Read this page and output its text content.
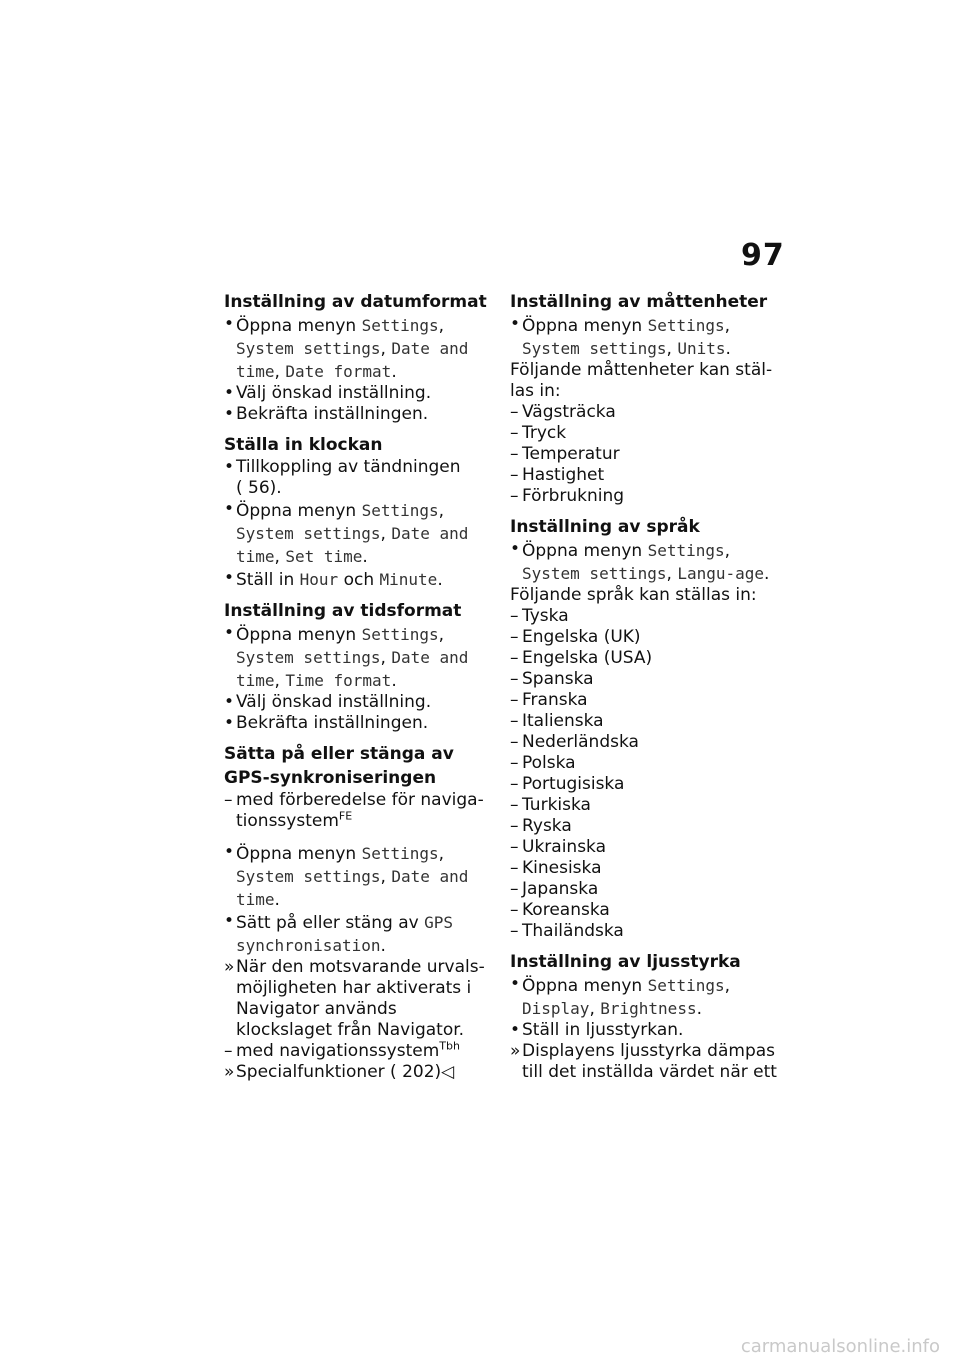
97

Inställning av datumformat

• Öppna menyn Settings, System settings, Date and time, Date format.
• Välj önskad inställning.
• Bekräfta inställningen.

Ställa in klockan

• Tillkoppling av tändningen
( 56).
• Öppna menyn Settings, System settings, Date and time, Set time.
• Ställ in Hour och Minute.

Inställning av tidsformat

• Öppna menyn Settings, System settings, Date and time, Time format.
• Välj önskad inställning.
• Bekräfta inställningen.

Sätta på eller stänga av GPS-synkroniseringen

– med förberedelse för naviga-tionssystem$^{FE}$
• Öppna menyn Settings, System settings, Date and time.
• Sätt på eller stäng av GPS synchronisation.
» När den motsvarande urvals-möjligheten har aktiverats i Navigator används klockslaget från Navigator.
– med navigationssystem$^{Tbh}$
» Specialfunktioner ( 202)◁

Inställning av måttenheter

• Öppna menyn Settings, System settings, Units.

Följande måttenheter kan stäl-las in:

– Vägsträcka
– Tryck
– Temperatur
– Hastighet
– Förbrukning

Inställning av språk

• Öppna menyn Settings, System settings, Langu-age.

Följande språk kan ställas in:

– Tyska
– Engelska (UK)
– Engelska (USA)
– Spanska
– Franska
– Italienska
– Nederländska
– Polska
– Portugisiska
– Turkiska
– Ryska
– Ukrainska
– Kinesiska
– Japanska
– Koreanska
– Thailändska

Inställning av ljusstyrka

• Öppna menyn Settings, Display, Brightness.
• Ställ in ljusstyrkan.
» Displayens ljusstyrka dämpas till det inställda värdet när ett
carmanualsonline.info
